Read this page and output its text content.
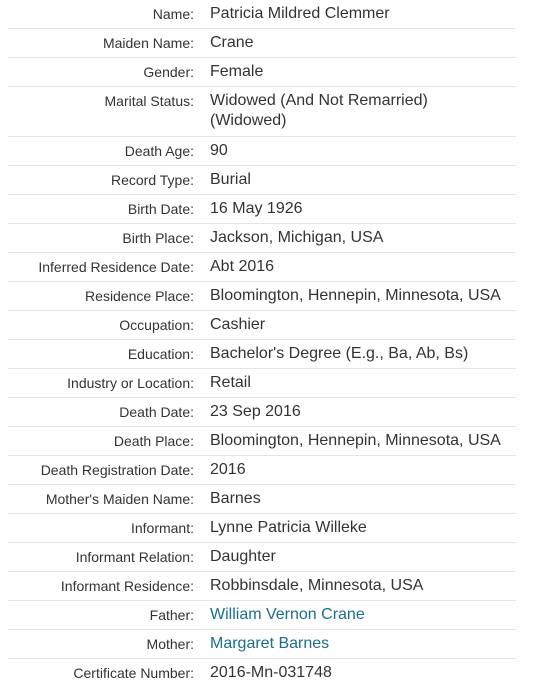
Name:	Patricia Mildred Clemmer
Maiden Name:	Crane
Gender:	Female
Marital Status:	Widowed (And Not Remarried) (Widowed)
Death Age:	90
Record Type:	Burial
Birth Date:	16 May 1926
Birth Place:	Jackson, Michigan, USA
Inferred Residence Date:	Abt 2016
Residence Place:	Bloomington, Hennepin, Minnesota, USA
Occupation:	Cashier
Education:	Bachelor's Degree (E.g., Ba, Ab, Bs)
Industry or Location:	Retail
Death Date:	23 Sep 2016
Death Place:	Bloomington, Hennepin, Minnesota, USA
Death Registration Date:	2016
Mother's Maiden Name:	Barnes
Informant:	Lynne Patricia Willeke
Informant Relation:	Daughter
Informant Residence:	Robbinsdale, Minnesota, USA
Father:	William Vernon Crane
Mother:	Margaret Barnes
Certificate Number:	2016-Mn-031748
